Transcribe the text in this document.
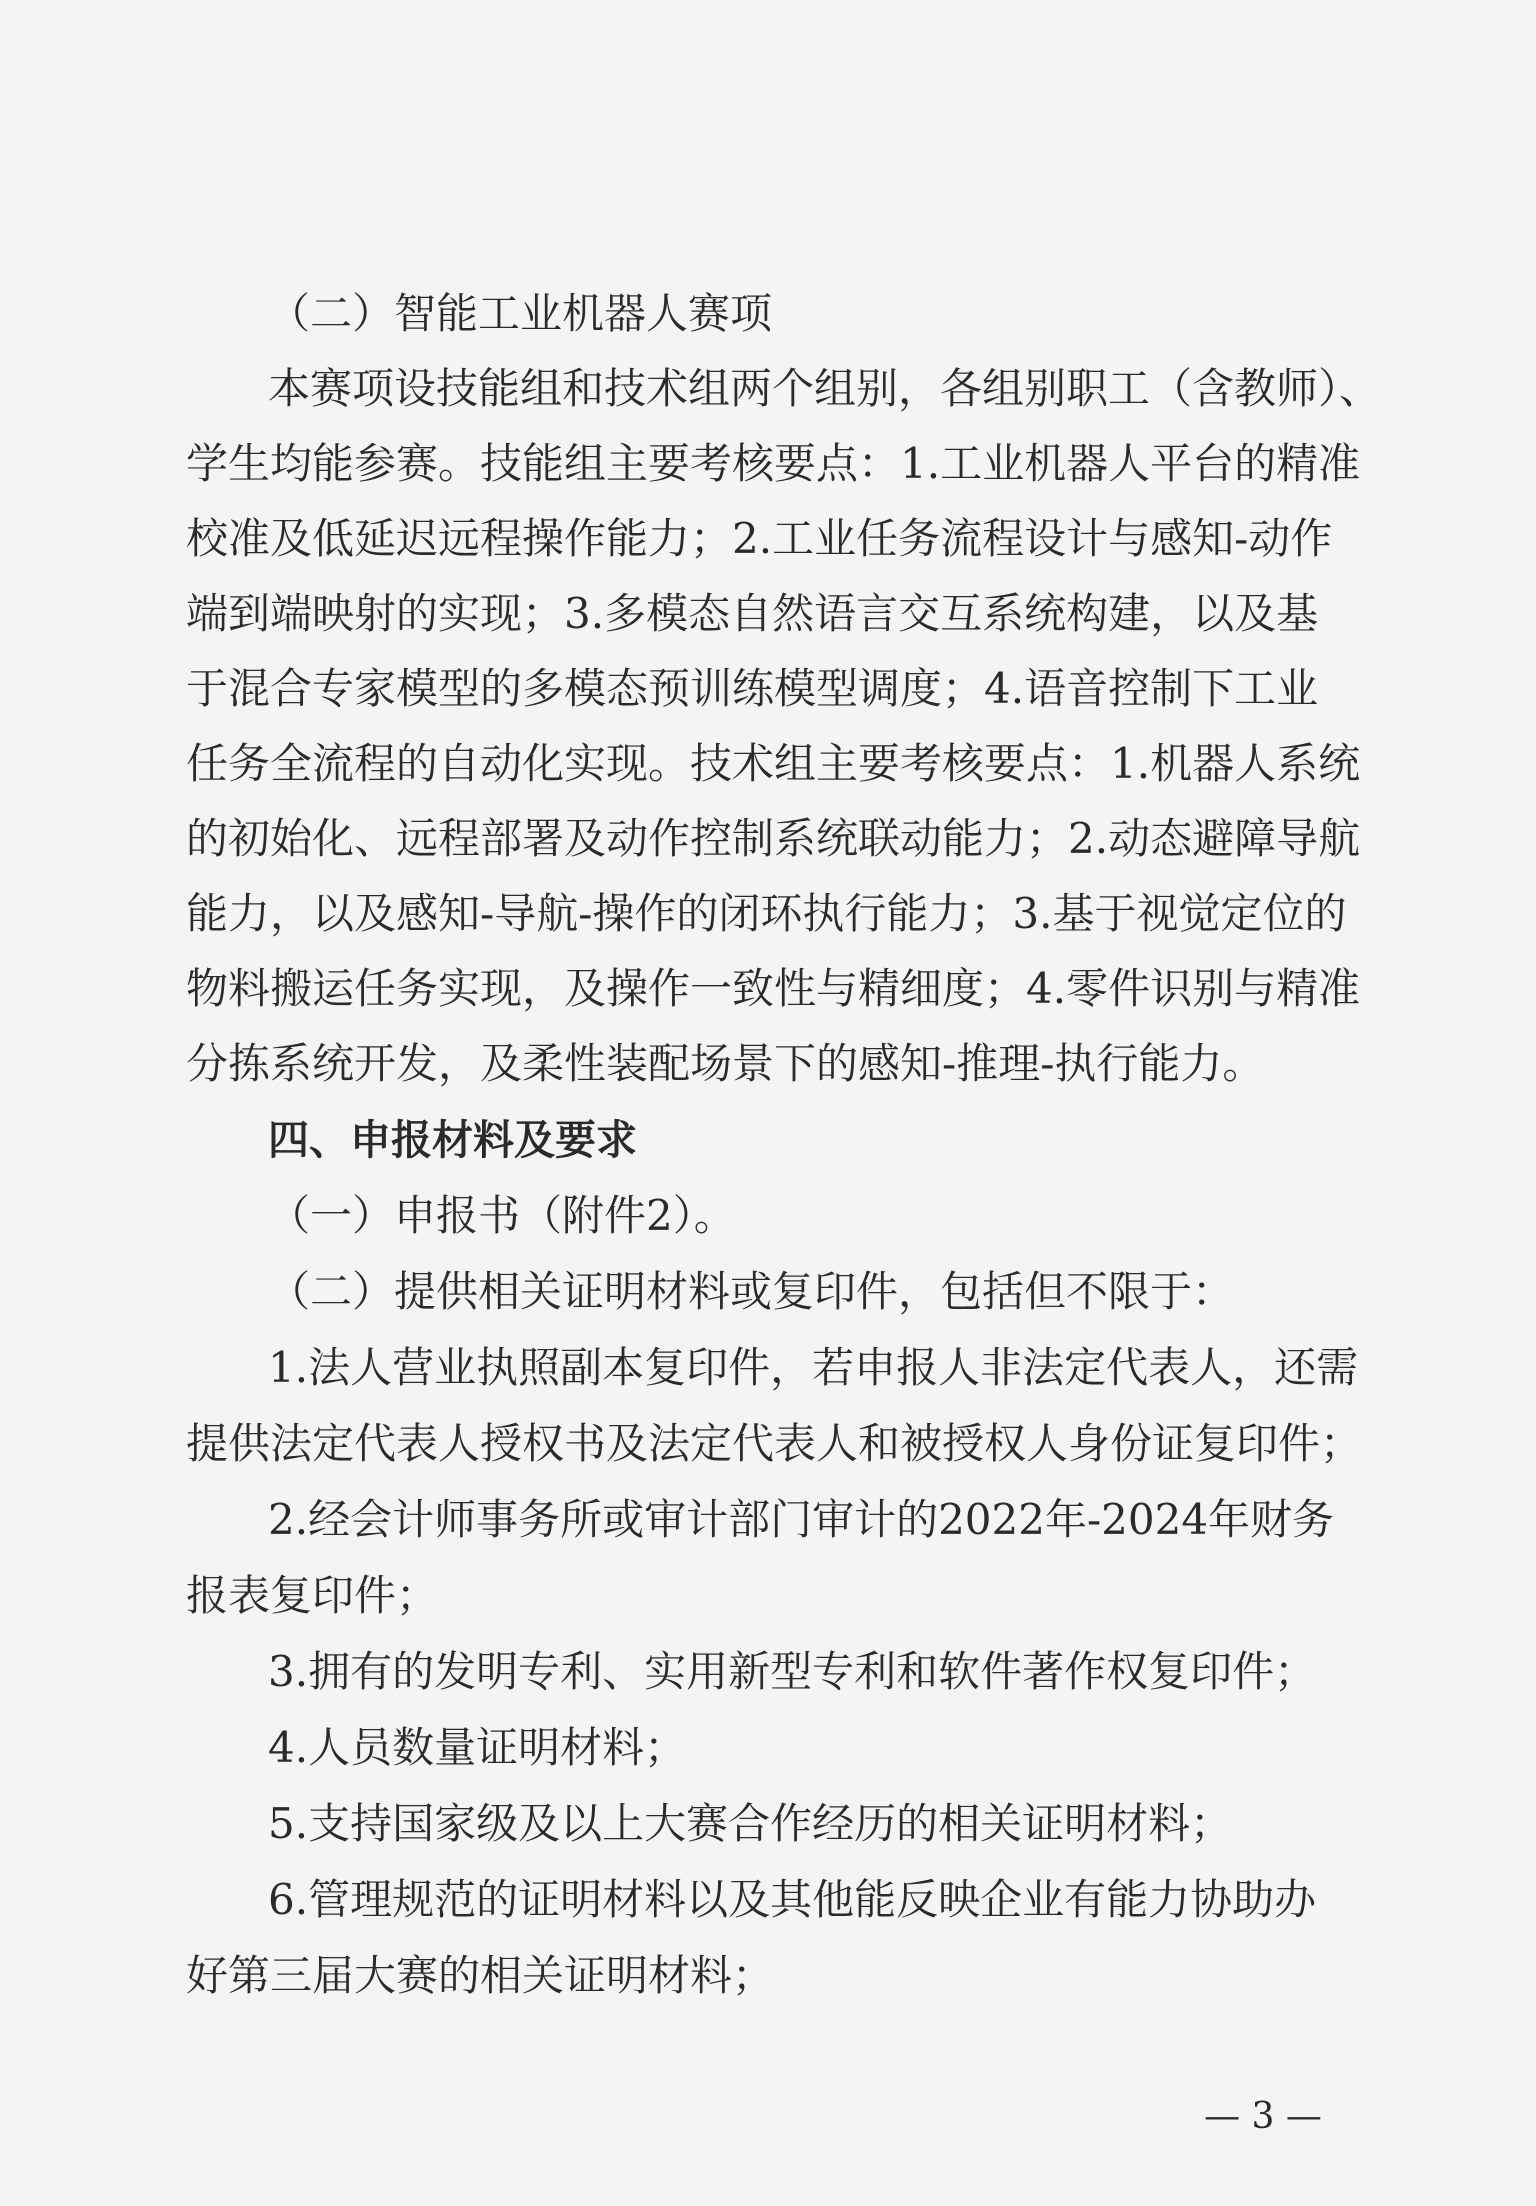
（二）智能工业机器人赛项
本赛项设技能组和技术组两个组别，各组别职工（含教师）、
学生均能参赛。技能组主要考核要点：1.工业机器人平台的精准
校准及低延迟远程操作能力；2.工业任务流程设计与感知-动作
端到端映射的实现；3.多模态自然语言交互系统构建，以及基
于混合专家模型的多模态预训练模型调度；4.语音控制下工业
任务全流程的自动化实现。技术组主要考核要点：1.机器人系统
的初始化、远程部署及动作控制系统联动能力；2.动态避障导航
能力，以及感知-导航-操作的闭环执行能力；3.基于视觉定位的
物料搬运任务实现，及操作一致性与精细度；4.零件识别与精准
分拣系统开发，及柔性装配场景下的感知-推理-执行能力。
四、申报材料及要求
（一）申报书（附件2）。
（二）提供相关证明材料或复印件，包括但不限于：
1.法人营业执照副本复印件，若申报人非法定代表人，还需
提供法定代表人授权书及法定代表人和被授权人身份证复印件；
2.经会计师事务所或审计部门审计的2022年-2024年财务
报表复印件；
3.拥有的发明专利、实用新型专利和软件著作权复印件；
4.人员数量证明材料；
5.支持国家级及以上大赛合作经历的相关证明材料；
6.管理规范的证明材料以及其他能反映企业有能力协助办
好第三届大赛的相关证明材料；
— 3 —
